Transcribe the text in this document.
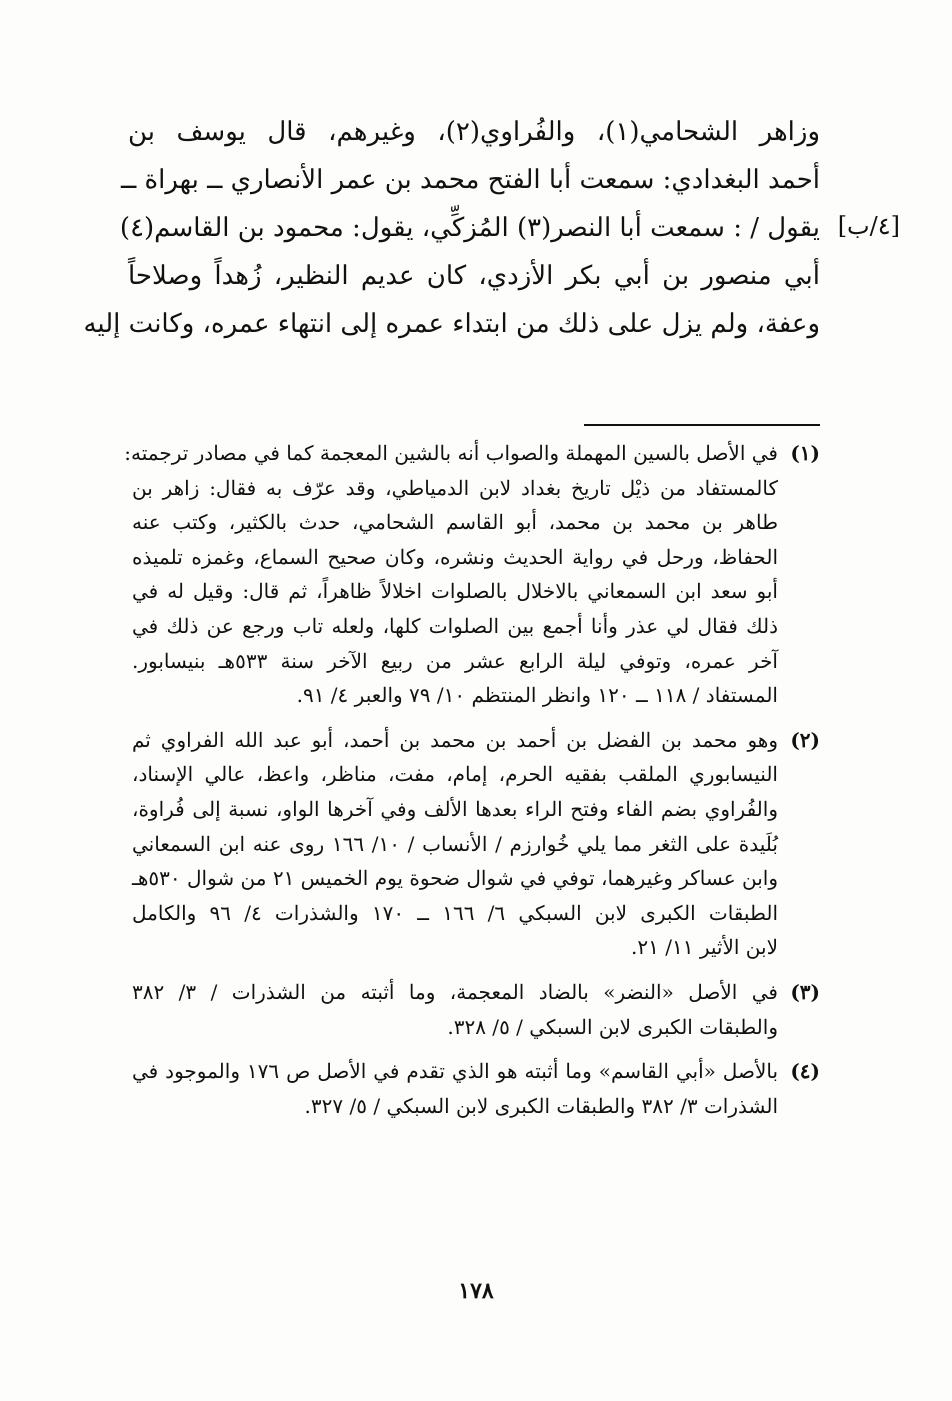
وزاهر الشحامي(١)، والفُراوي(٢)، وغيرهم، قال يوسف بن
أحمد البغدادي: سمعت أبا الفتح محمد بن عمر الأنصاري ــ بهراة ــ
يقول / : سمعت أبا النصر(٣) المُزكِّي، يقول: محمود بن القاسم(٤)
أبي منصور بن أبي بكر الأزدي، كان عديم النظير، زُهداً وصلاحاً
وعفة، ولم يزل على ذلك من ابتداء عمره إلى انتهاء عمره، وكانت إليه
[٤/ب]
(١)
في الأصل بالسين المهملة والصواب أنه بالشين المعجمة كما في مصادر ترجمته:
كالمستفاد من ذيْل تاريخ بغداد لابن الدمياطي، وقد عرّف به فقال: زاهر بن
طاهر بن محمد بن محمد، أبو القاسم الشحامي، حدث بالكثير، وكتب عنه
الحفاظ، ورحل في رواية الحديث ونشره، وكان صحيح السماع، وغمزه تلميذه
أبو سعد ابن السمعاني بالاخلال بالصلوات اخلالاً ظاهراً، ثم قال: وقيل له في
ذلك فقال لي عذر وأنا أجمع بين الصلوات كلها، ولعله تاب ورجع عن ذلك في
آخر عمره، وتوفي ليلة الرابع عشر من ربيع الآخر سنة ٥٣٣هـ بنيسابور.
المستفاد / ١١٨ ــ ١٢٠ وانظر المنتظم ١٠/ ٧٩ والعبر ٤/ ٩١.
(٢)
وهو محمد بن الفضل بن أحمد بن محمد بن أحمد، أبو عبد الله الفراوي ثم
النيسابوري الملقب بفقيه الحرم، إمام، مفت، مناظر، واعظ، عالي الإسناد،
والفُراوي بضم الفاء وفتح الراء بعدها الألف وفي آخرها الواو، نسبة إلى فُراوة،
بُلَيدة على الثغر مما يلي خُوارزم / الأنساب / ١٠/ ١٦٦ روى عنه ابن السمعاني
وابن عساكر وغيرهما، توفي في شوال ضحوة يوم الخميس ٢١ من شوال ٥٣٠هـ
الطبقات الكبرى لابن السبكي ٦/ ١٦٦ ــ ١٧٠ والشذرات ٤/ ٩٦ والكامل
لابن الأثير ١١/ ٢١.
(٣)
في الأصل «النضر» بالضاد المعجمة، وما أثبته من الشذرات / ٣/ ٣٨٢
والطبقات الكبرى لابن السبكي / ٥/ ٣٢٨.
(٤)
بالأصل «أبي القاسم» وما أثبته هو الذي تقدم في الأصل ص ١٧٦ والموجود في
الشذرات ٣/ ٣٨٢ والطبقات الكبرى لابن السبكي / ٥/ ٣٢٧.
١٧٨
